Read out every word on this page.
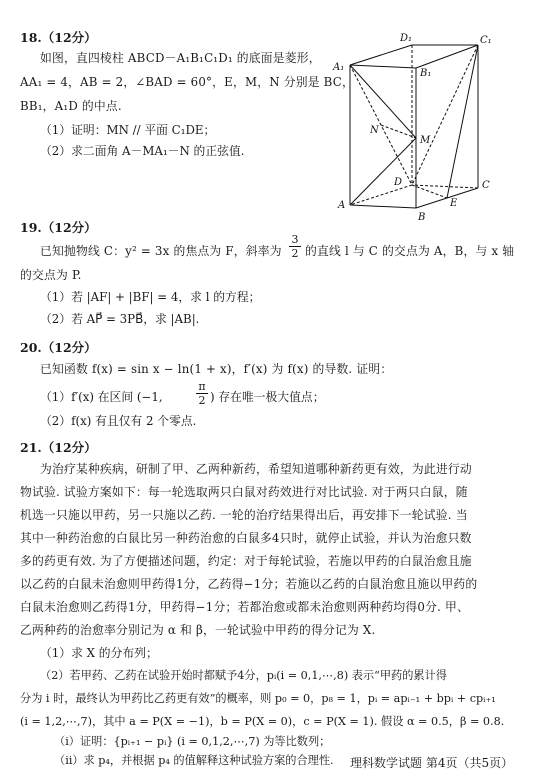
18.（12分）
如图，直四棱柱 ABCD－A₁B₁C₁D₁ 的底面是菱形，
AA₁ = 4，AB = 2，∠BAD = 60°，E，M，N 分别是 BC，
BB₁，A₁D 的中点.
（1）证明：MN // 平面 C₁DE；
（2）求二面角 A－MA₁－N 的正弦值.
D₁	C₁
A₁
B₁
N
M
D	C
A
B
E
19.（12分）
已知抛物线 C：y² = 3x 的焦点为 F，斜率为 $\frac{3}{2}$ 的直线 l 与 C 的交点为 A，B，与 x 轴
的交点为 P.
（1）若 |AF| + |BF| = 4，求 l 的方程；
（2）若 AP⃗ = 3PB⃗，求 |AB|.
20.（12分）
已知函数 f(x) = sin x − ln(1 + x)，f′(x) 为 f(x) 的导数. 证明：
（1）f′(x) 在区间 (−1,	$\frac{\pi}{2}$ ) 存在唯一极大值点；
（2）f(x) 有且仅有 2 个零点.
21.（12分）
为治疗某种疾病，研制了甲、乙两种新药，希望知道哪种新药更有效，为此进行动
物试验. 试验方案如下：每一轮选取两只白鼠对药效进行对比试验. 对于两只白鼠，随
机选一只施以甲药，另一只施以乙药. 一轮的治疗结果得出后，再安排下一轮试验. 当
其中一种药治愈的白鼠比另一种药治愈的白鼠多4只时，就停止试验，并认为治愈只数
多的药更有效. 为了方便描述问题，约定：对于每轮试验，若施以甲药的白鼠治愈且施
以乙药的白鼠未治愈则甲药得1分，乙药得−1分；若施以乙药的白鼠治愈且施以甲药的
白鼠未治愈则乙药得1分，甲药得−1分；若都治愈或都未治愈则两种药均得0分. 甲、
乙两种药的治愈率分别记为 α 和 β，一轮试验中甲药的得分记为 X.
（1）求 X 的分布列；
（2）若甲药、乙药在试验开始时都赋予4分，pᵢ(i = 0,1,⋯,8) 表示“甲药的累计得
分为 i 时，最终认为甲药比乙药更有效”的概率，则 p₀ = 0，p₈ = 1，pᵢ = apᵢ₋₁ + bpᵢ + cpᵢ₊₁
(i = 1,2,⋯,7)，其中 a = P(X = −1)，b = P(X = 0)，c = P(X = 1). 假设 α = 0.5，β = 0.8.
（ⅰ）证明：{pᵢ₊₁ − pᵢ} (i = 0,1,2,⋯,7) 为等比数列；
（ⅱ）求 p₄，并根据 p₄ 的值解释这种试验方案的合理性. 理科数学试题 第4页（共5页）
